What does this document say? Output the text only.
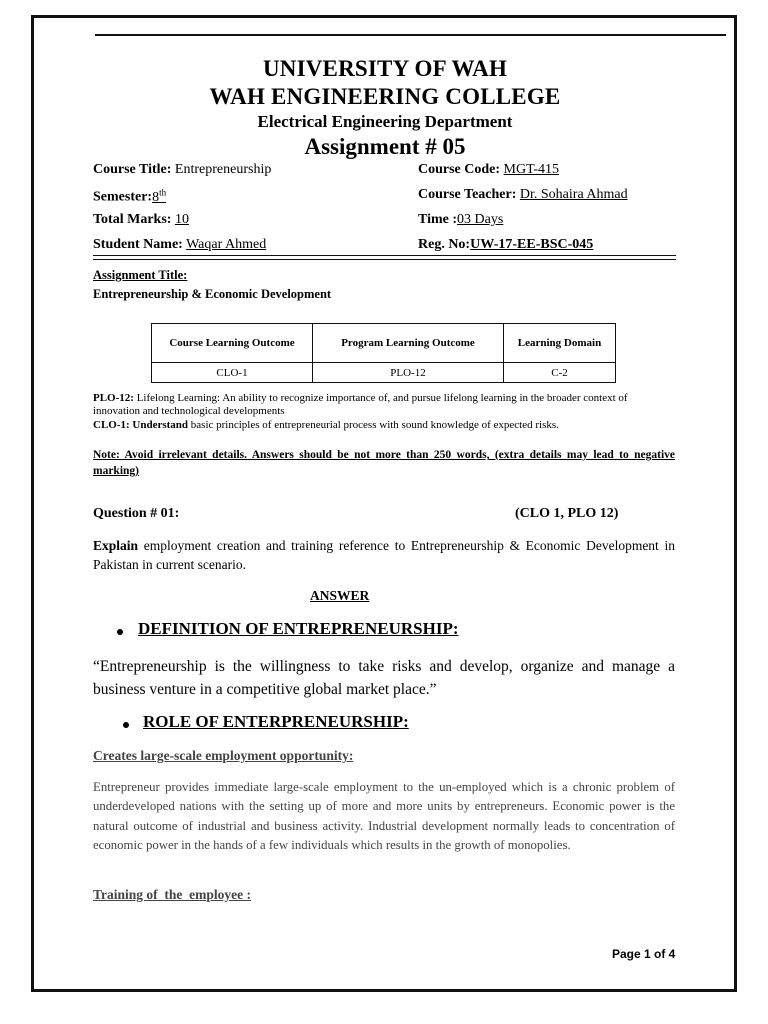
UNIVERSITY OF WAH
WAH ENGINEERING COLLEGE
Electrical Engineering Department
Assignment # 05
Course Title: Entrepreneurship	Course Code: MGT-415
Semester:8th	Course Teacher: Dr. Sohaira Ahmad
Total Marks: 10	Time :03 Days
Student Name: Waqar Ahmed	Reg. No:UW-17-EE-BSC-045
Assignment Title:
Entrepreneurship & Economic Development
Course Learning Outcome	Program Learning Outcome	Learning Domain
CLO-1	PLO-12	C-2
PLO-12: Lifelong Learning: An ability to recognize importance of, and pursue lifelong learning in the broader context of innovation and technological developments
CLO-1: Understand basic principles of entrepreneurial process with sound knowledge of expected risks.
Note: Avoid irrelevant details. Answers should be not more than 250 words, (extra details may lead to negative marking)
Question # 01:	(CLO 1, PLO 12)
Explain employment creation and training reference to Entrepreneurship & Economic Development in Pakistan in current scenario.
ANSWER
DEFINITION OF ENTREPRENEURSHIP:
“Entrepreneurship is the willingness to take risks and develop, organize and manage a business venture in a competitive global market place.”
ROLE OF ENTERPRENEURSHIP:
Creates large-scale employment opportunity:
Entrepreneur provides immediate large-scale employment to the un-employed which is a chronic problem of underdeveloped nations with the setting up of more and more units by entrepreneurs. Economic power is the natural outcome of industrial and business activity. Industrial development normally leads to concentration of economic power in the hands of a few individuals which results in the growth of monopolies.
Training of  the  employee :
Page 1 of 4
